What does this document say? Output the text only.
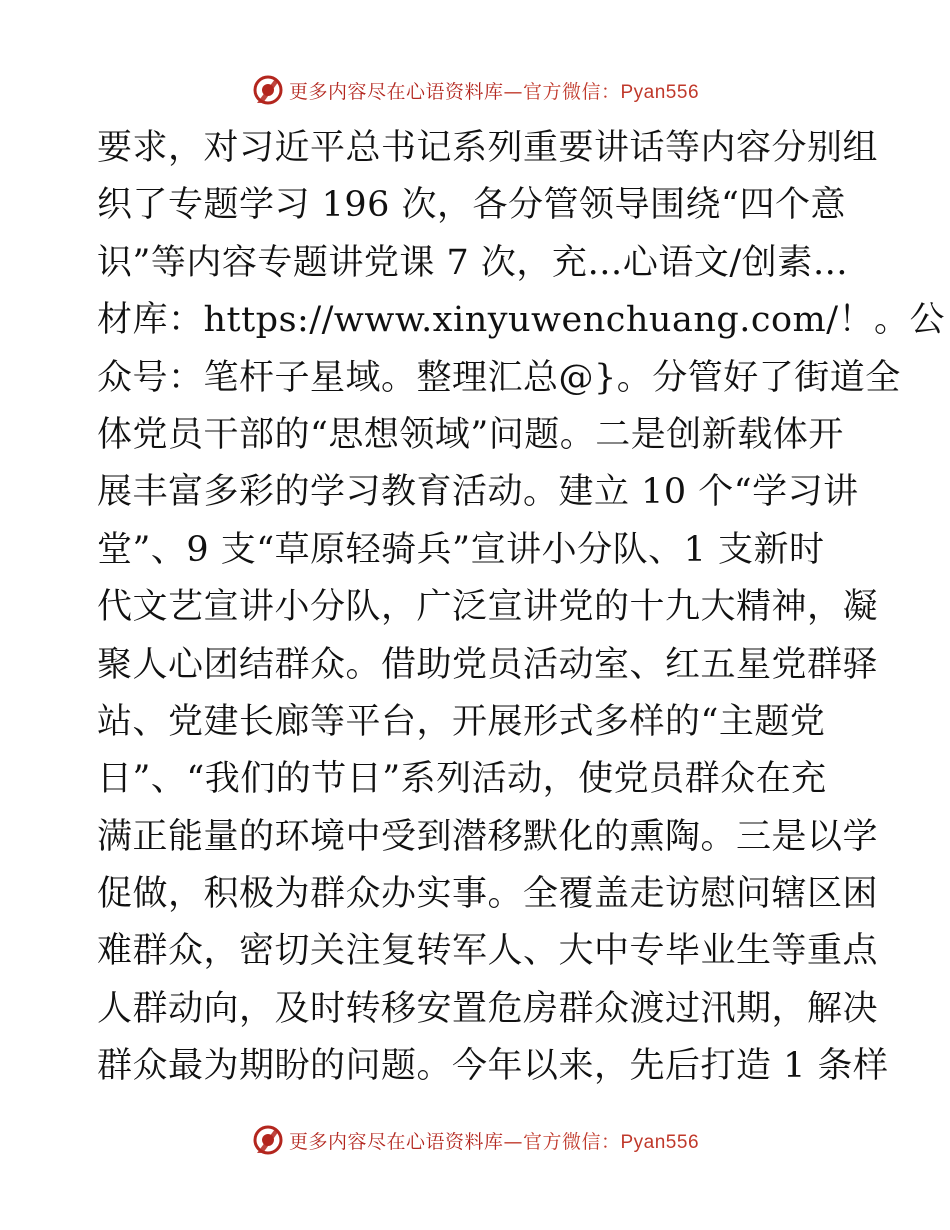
更多内容尽在心语资料库—官方微信：Pyan556
要求，对习近平总书记系列重要讲话等内容分别组
织了专题学习 196 次，各分管领导围绕“四个意
识”等内容专题讲党课 7 次，充…心语文/创素…
材库：https://www.xinyuwenchuang.com/！。公
众号：笔杆子星域。整理汇总@}。分管好了街道全
体党员干部的“思想领域”问题。二是创新载体开
展丰富多彩的学习教育活动。建立 10 个“学习讲
堂”、9 支“草原轻骑兵”宣讲小分队、1 支新时
代文艺宣讲小分队，广泛宣讲党的十九大精神，凝
聚人心团结群众。借助党员活动室、红五星党群驿
站、党建长廊等平台，开展形式多样的“主题党
日”、“我们的节日”系列活动，使党员群众在充
满正能量的环境中受到潜移默化的熏陶。三是以学
促做，积极为群众办实事。全覆盖走访慰问辖区困
难群众，密切关注复转军人、大中专毕业生等重点
人群动向，及时转移安置危房群众渡过汛期，解决
群众最为期盼的问题。今年以来，先后打造 1 条样
更多内容尽在心语资料库—官方微信：Pyan556
